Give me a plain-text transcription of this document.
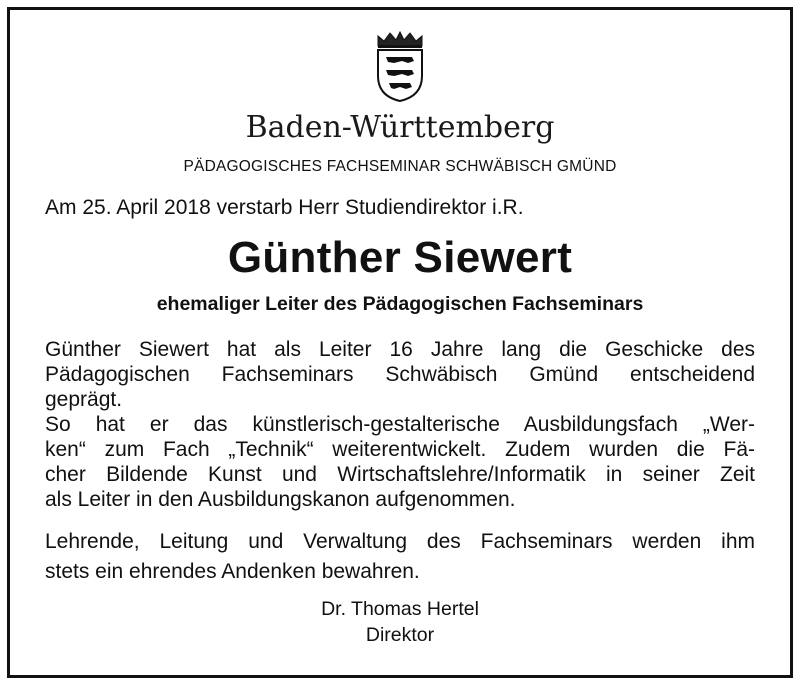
Baden-Württemberg
PÄDAGOGISCHES FACHSEMINAR SCHWÄBISCH GMÜND
Am 25. April 2018 verstarb Herr Studiendirektor i.R.
Günther Siewert
ehemaliger Leiter des Pädagogischen Fachseminars
Günther Siewert hat als Leiter 16 Jahre lang die Geschicke des
Pädagogischen Fachseminars Schwäbisch Gmünd entscheidend
geprägt.
So hat er das künstlerisch-gestalterische Ausbildungsfach „Wer-
ken“ zum Fach „Technik“ weiterentwickelt. Zudem wurden die Fä-
cher Bildende Kunst und Wirtschaftslehre/Informatik in seiner Zeit
als Leiter in den Ausbildungskanon aufgenommen.
Lehrende, Leitung und Verwaltung des Fachseminars werden ihm
stets ein ehrendes Andenken bewahren.
Dr. Thomas Hertel
Direktor
